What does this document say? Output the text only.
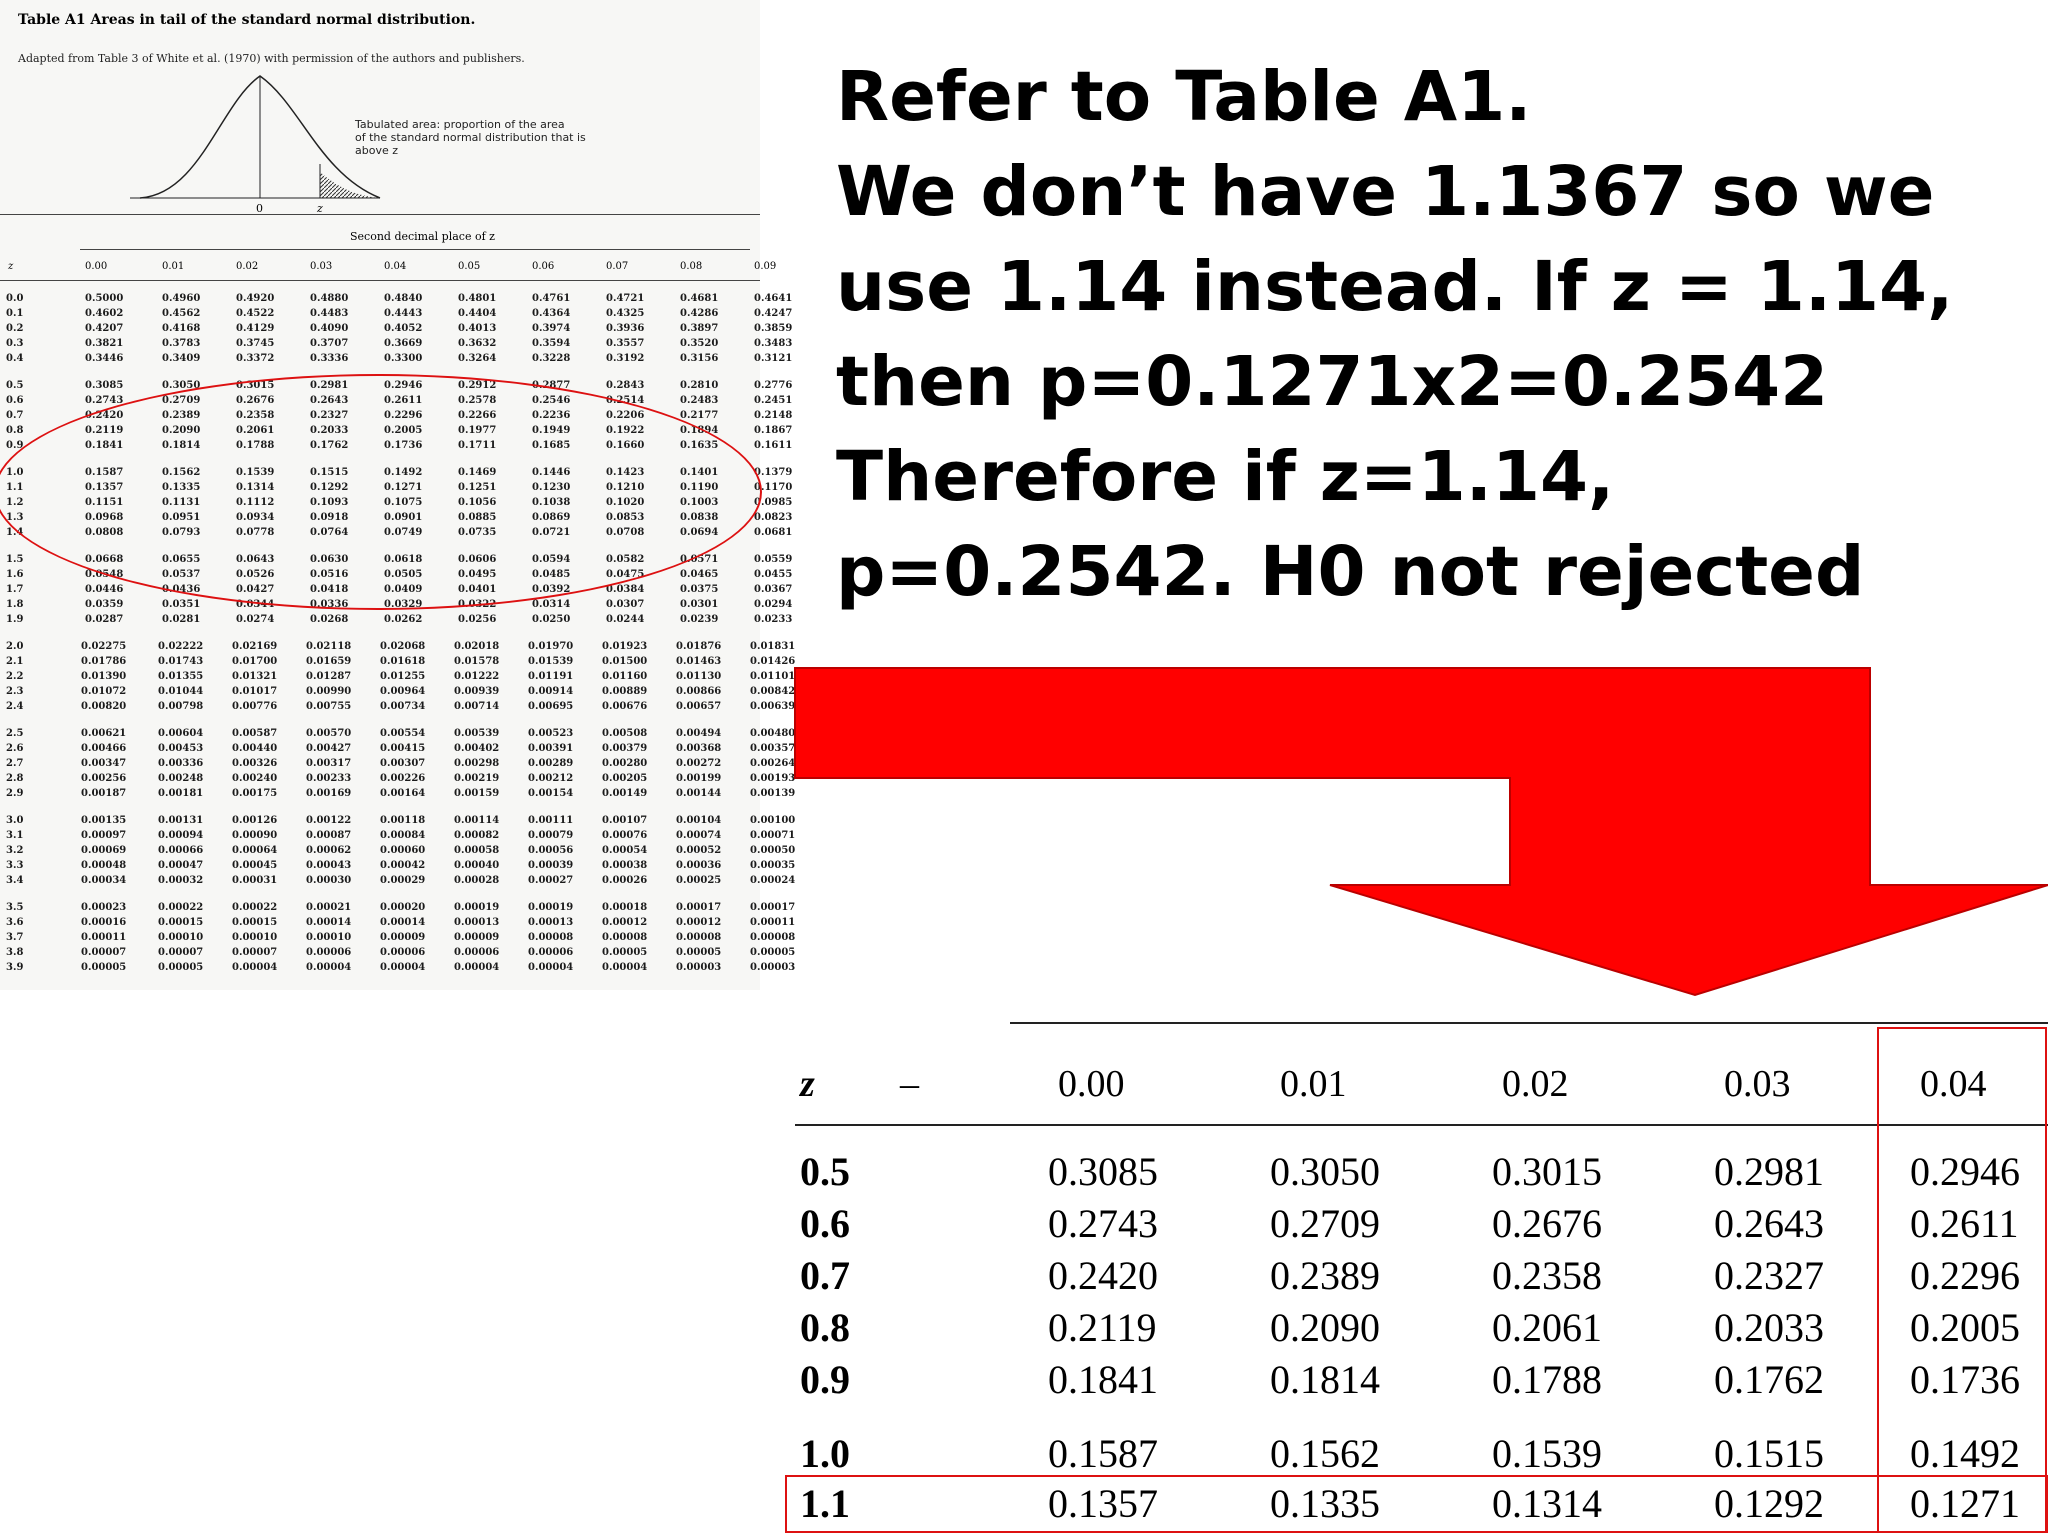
Table A1 Areas in tail of the standard normal distribution.
Adapted from Table 3 of White et al. (1970) with permission of the authors and publishers.
0	z
Tabulated area: proportion of the area
of the standard normal distribution that is
above z
Second decimal place of z
z	0.00	0.01	0.02	0.03	0.04	0.05	0.06	0.07	0.08	0.09
0.0	0.5000	0.4960	0.4920	0.4880	0.4840	0.4801	0.4761	0.4721	0.4681	0.4641
0.1	0.4602	0.4562	0.4522	0.4483	0.4443	0.4404	0.4364	0.4325	0.4286	0.4247
0.2	0.4207	0.4168	0.4129	0.4090	0.4052	0.4013	0.3974	0.3936	0.3897	0.3859
0.3	0.3821	0.3783	0.3745	0.3707	0.3669	0.3632	0.3594	0.3557	0.3520	0.3483
0.4	0.3446	0.3409	0.3372	0.3336	0.3300	0.3264	0.3228	0.3192	0.3156	0.3121
0.5	0.3085	0.3050	0.3015	0.2981	0.2946	0.2912	0.2877	0.2843	0.2810	0.2776
0.6	0.2743	0.2709	0.2676	0.2643	0.2611	0.2578	0.2546	0.2514	0.2483	0.2451
0.7	0.2420	0.2389	0.2358	0.2327	0.2296	0.2266	0.2236	0.2206	0.2177	0.2148
0.8	0.2119	0.2090	0.2061	0.2033	0.2005	0.1977	0.1949	0.1922	0.1894	0.1867
0.9	0.1841	0.1814	0.1788	0.1762	0.1736	0.1711	0.1685	0.1660	0.1635	0.1611
1.0	0.1587	0.1562	0.1539	0.1515	0.1492	0.1469	0.1446	0.1423	0.1401	0.1379
1.1	0.1357	0.1335	0.1314	0.1292	0.1271	0.1251	0.1230	0.1210	0.1190	0.1170
1.2	0.1151	0.1131	0.1112	0.1093	0.1075	0.1056	0.1038	0.1020	0.1003	0.0985
1.3	0.0968	0.0951	0.0934	0.0918	0.0901	0.0885	0.0869	0.0853	0.0838	0.0823
1.4	0.0808	0.0793	0.0778	0.0764	0.0749	0.0735	0.0721	0.0708	0.0694	0.0681
1.5	0.0668	0.0655	0.0643	0.0630	0.0618	0.0606	0.0594	0.0582	0.0571	0.0559
1.6	0.0548	0.0537	0.0526	0.0516	0.0505	0.0495	0.0485	0.0475	0.0465	0.0455
1.7	0.0446	0.0436	0.0427	0.0418	0.0409	0.0401	0.0392	0.0384	0.0375	0.0367
1.8	0.0359	0.0351	0.0344	0.0336	0.0329	0.0322	0.0314	0.0307	0.0301	0.0294
1.9	0.0287	0.0281	0.0274	0.0268	0.0262	0.0256	0.0250	0.0244	0.0239	0.0233
2.0	0.02275	0.02222	0.02169	0.02118	0.02068	0.02018	0.01970	0.01923	0.01876	0.01831
2.1	0.01786	0.01743	0.01700	0.01659	0.01618	0.01578	0.01539	0.01500	0.01463	0.01426
2.2	0.01390	0.01355	0.01321	0.01287	0.01255	0.01222	0.01191	0.01160	0.01130	0.01101
2.3	0.01072	0.01044	0.01017	0.00990	0.00964	0.00939	0.00914	0.00889	0.00866	0.00842
2.4	0.00820	0.00798	0.00776	0.00755	0.00734	0.00714	0.00695	0.00676	0.00657	0.00639
2.5	0.00621	0.00604	0.00587	0.00570	0.00554	0.00539	0.00523	0.00508	0.00494	0.00480
2.6	0.00466	0.00453	0.00440	0.00427	0.00415	0.00402	0.00391	0.00379	0.00368	0.00357
2.7	0.00347	0.00336	0.00326	0.00317	0.00307	0.00298	0.00289	0.00280	0.00272	0.00264
2.8	0.00256	0.00248	0.00240	0.00233	0.00226	0.00219	0.00212	0.00205	0.00199	0.00193
2.9	0.00187	0.00181	0.00175	0.00169	0.00164	0.00159	0.00154	0.00149	0.00144	0.00139
3.0	0.00135	0.00131	0.00126	0.00122	0.00118	0.00114	0.00111	0.00107	0.00104	0.00100
3.1	0.00097	0.00094	0.00090	0.00087	0.00084	0.00082	0.00079	0.00076	0.00074	0.00071
3.2	0.00069	0.00066	0.00064	0.00062	0.00060	0.00058	0.00056	0.00054	0.00052	0.00050
3.3	0.00048	0.00047	0.00045	0.00043	0.00042	0.00040	0.00039	0.00038	0.00036	0.00035
3.4	0.00034	0.00032	0.00031	0.00030	0.00029	0.00028	0.00027	0.00026	0.00025	0.00024
3.5	0.00023	0.00022	0.00022	0.00021	0.00020	0.00019	0.00019	0.00018	0.00017	0.00017
3.6	0.00016	0.00015	0.00015	0.00014	0.00014	0.00013	0.00013	0.00012	0.00012	0.00011
3.7	0.00011	0.00010	0.00010	0.00010	0.00009	0.00009	0.00008	0.00008	0.00008	0.00008
3.8	0.00007	0.00007	0.00007	0.00006	0.00006	0.00006	0.00006	0.00005	0.00005	0.00005
3.9	0.00005	0.00005	0.00004	0.00004	0.00004	0.00004	0.00004	0.00004	0.00003	0.00003
Refer to Table A1.
We don’t have 1.1367 so we
use 1.14 instead. If z = 1.14,
then p=0.1271x2=0.2542
Therefore if z=1.14,
p=0.2542. H0 not rejected
z –	0.00	0.01	0.02	0.03	0.04
0.5	0.3085	0.3050	0.3015	0.2981 0.2946
0.6	0.2743	0.2709	0.2676	0.2643 0.2611
0.7	0.2420	0.2389	0.2358	0.2327 0.2296
0.8	0.2119	0.2090	0.2061	0.2033 0.2005
0.9	0.1841	0.1814	0.1788	0.1762 0.1736
1.0	0.1587	0.1562	0.1539	0.1515 0.1492
1.1	0.1357	0.1335	0.1314	0.1292 0.1271
